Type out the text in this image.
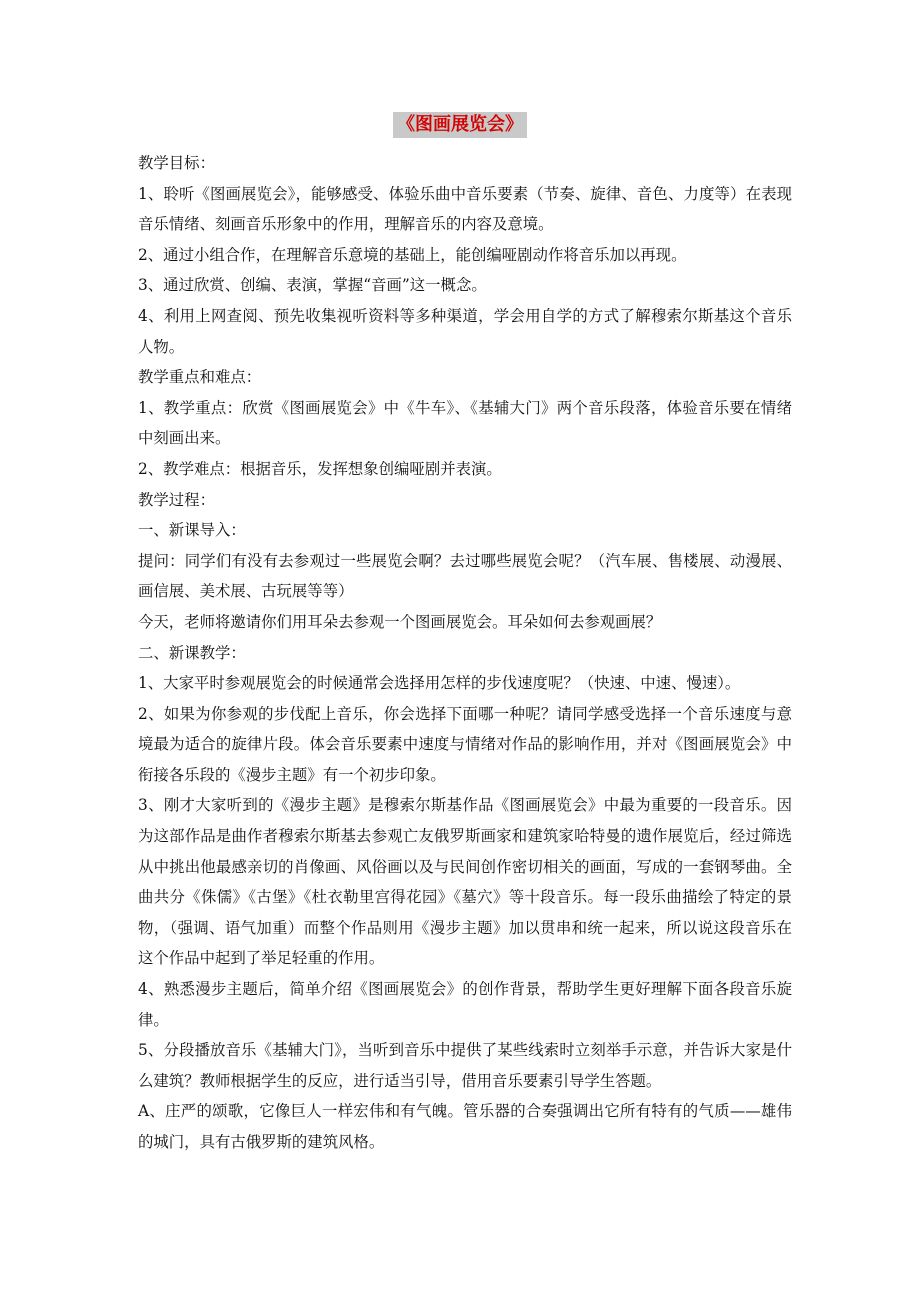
《图画展览会》

教学目标：

1、聆听《图画展览会》，能够感受、体验乐曲中音乐要素（节奏、旋律、音色、力度等）在表现音乐情绪、刻画音乐形象中的作用，理解音乐的内容及意境。

2、通过小组合作，在理解音乐意境的基础上，能创编哑剧动作将音乐加以再现。

3、通过欣赏、创编、表演，掌握“音画”这一概念。

4、利用上网查阅、预先收集视听资料等多种渠道，学会用自学的方式了解穆索尔斯基这个音乐人物。

教学重点和难点：

1、教学重点：欣赏《图画展览会》中《牛车》、《基辅大门》两个音乐段落，体验音乐要在情绪中刻画出来。

2、教学难点：根据音乐，发挥想象创编哑剧并表演。

教学过程：

一、新课导入：

提问：同学们有没有去参观过一些展览会啊？去过哪些展览会呢？（汽车展、售楼展、动漫展、画信展、美术展、古玩展等等）

今天，老师将邀请你们用耳朵去参观一个图画展览会。耳朵如何去参观画展？

二、新课教学：

1、大家平时参观展览会的时候通常会选择用怎样的步伐速度呢？（快速、中速、慢速）。

2、如果为你参观的步伐配上音乐，你会选择下面哪一种呢？请同学感受选择一个音乐速度与意境最为适合的旋律片段。体会音乐要素中速度与情绪对作品的影响作用，并对《图画展览会》中衔接各乐段的《漫步主题》有一个初步印象。

3、刚才大家听到的《漫步主题》是穆索尔斯基作品《图画展览会》中最为重要的一段音乐。因为这部作品是曲作者穆索尔斯基去参观亡友俄罗斯画家和建筑家哈特曼的遗作展览后，经过筛选从中挑出他最感亲切的肖像画、风俗画以及与民间创作密切相关的画面，写成的一套钢琴曲。全曲共分《侏儒》《古堡》《杜衣勒里宫得花园》《墓穴》等十段音乐。每一段乐曲描绘了特定的景物，（强调、语气加重）而整个作品则用《漫步主题》加以贯串和统一起来，所以说这段音乐在这个作品中起到了举足轻重的作用。

4、熟悉漫步主题后，简单介绍《图画展览会》的创作背景，帮助学生更好理解下面各段音乐旋律。

5、分段播放音乐《基辅大门》，当听到音乐中提供了某些线索时立刻举手示意，并告诉大家是什么建筑？教师根据学生的反应，进行适当引导，借用音乐要素引导学生答题。

A、庄严的颂歌，它像巨人一样宏伟和有气魄。管乐器的合奏强调出它所有特有的气质——雄伟的城门，具有古俄罗斯的建筑风格。
